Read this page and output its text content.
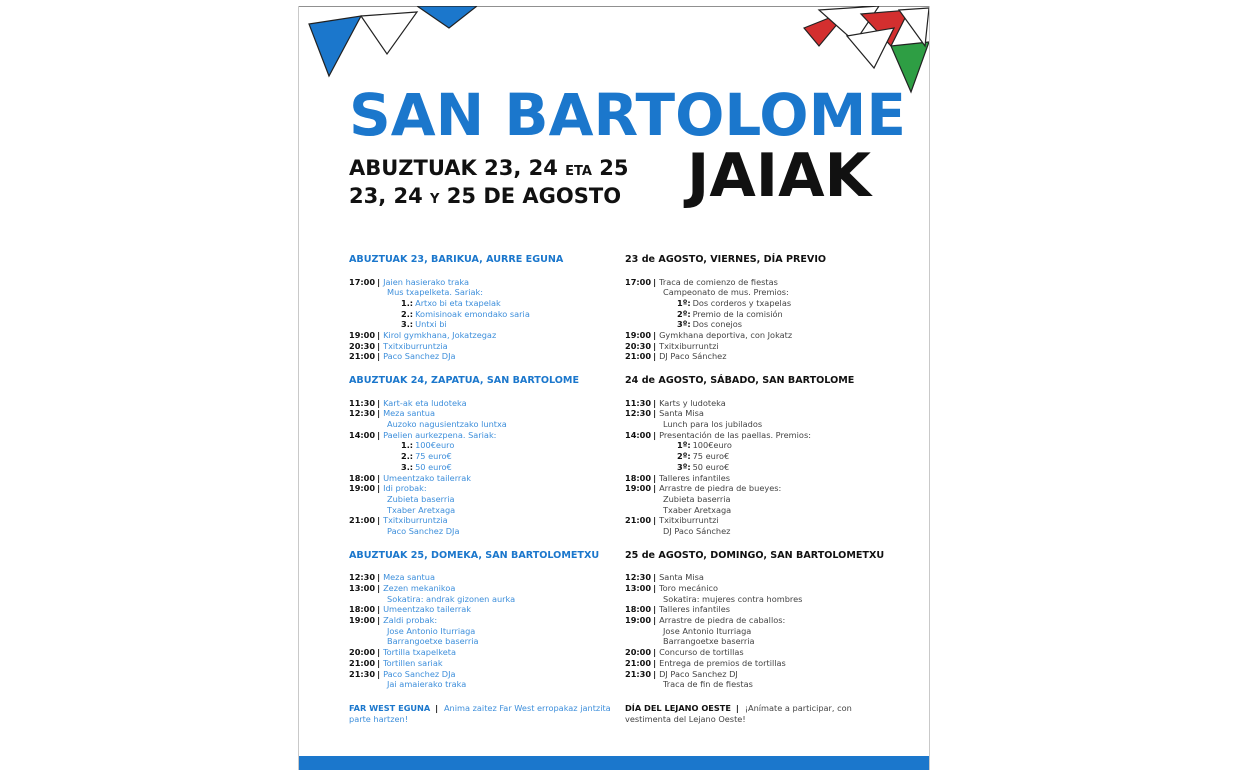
SAN BARTOLOME
ABUZTUAK 23, 24 ETA 25
23, 24 Y 25 DE AGOSTO JAIAK
ABUZTUAK 23, BARIKUA, AURRE EGUNA
17:00 | Jaien hasierako traka
Mus txapelketa. Sariak:
1.: Artxo bi eta txapelak
2.: Komisinoak emondako saria
3.: Untxi bi
19:00 | Kirol gymkhana, Jokatzegaz
20:30 | Txitxiburruntzia
21:00 | Paco Sanchez DJa
ABUZTUAK 24, ZAPATUA, SAN BARTOLOME
11:30 | Kart-ak eta ludoteka
12:30 | Meza santua
Auzoko nagusientzako luntxa
14:00 | Paelien aurkezpena. Sariak:
1.: 100€euro
2.: 75 euro€
3.: 50 euro€
18:00 | Umeentzako tailerrak
19:00 | Idi probak:
Zubieta baserria
Txaber Aretxaga
21:00 | Txitxiburruntzia
Paco Sanchez DJa
ABUZTUAK 25, DOMEKA, SAN BARTOLOMETXU
12:30 | Meza santua
13:00 | Zezen mekanikoa
Sokatira: andrak gizonen aurka
18:00 | Umeentzako tailerrak
19:00 | Zaldi probak:
Jose Antonio Iturriaga
Barrangoetxe baserria
20:00 | Tortilla txapelketa
21:00 | Tortillen sariak
21:30 | Paco Sanchez DJa
Jai amaierako traka
FAR WEST EGUNA | Anima zaitez Far West erropakaz jantzita parte hartzen!
23 de AGOSTO, VIERNES, DÍA PREVIO
17:00 | Traca de comienzo de fiestas
Campeonato de mus. Premios:
1º: Dos corderos y txapelas
2º: Premio de la comisión
3º: Dos conejos
19:00 | Gymkhana deportiva, con Jokatz
20:30 | Txitxiburruntzi
21:00 | DJ Paco Sánchez
24 de AGOSTO, SÁBADO, SAN BARTOLOME
11:30 | Karts y ludoteka
12:30 | Santa Misa
Lunch para los jubilados
14:00 | Presentación de las paellas. Premios:
1º: 100€euro
2º: 75 euro€
3º: 50 euro€
18:00 | Talleres infantiles
19:00 | Arrastre de piedra de bueyes:
Zubieta baserria
Txaber Aretxaga
21:00 | Txitxiburruntzi
DJ Paco Sánchez
25 de AGOSTO, DOMINGO, SAN BARTOLOMETXU
12:30 | Santa Misa
13:00 | Toro mecánico
Sokatira: mujeres contra hombres
18:00 | Talleres infantiles
19:00 | Arrastre de piedra de caballos:
Jose Antonio Iturriaga
Barrangoetxe baserria
20:00 | Concurso de tortillas
21:00 | Entrega de premios de tortillas
21:30 | DJ Paco Sanchez DJ
Traca de fin de fiestas
DÍA DEL LEJANO OESTE | ¡Anímate a participar, con vestimenta del Lejano Oeste!
